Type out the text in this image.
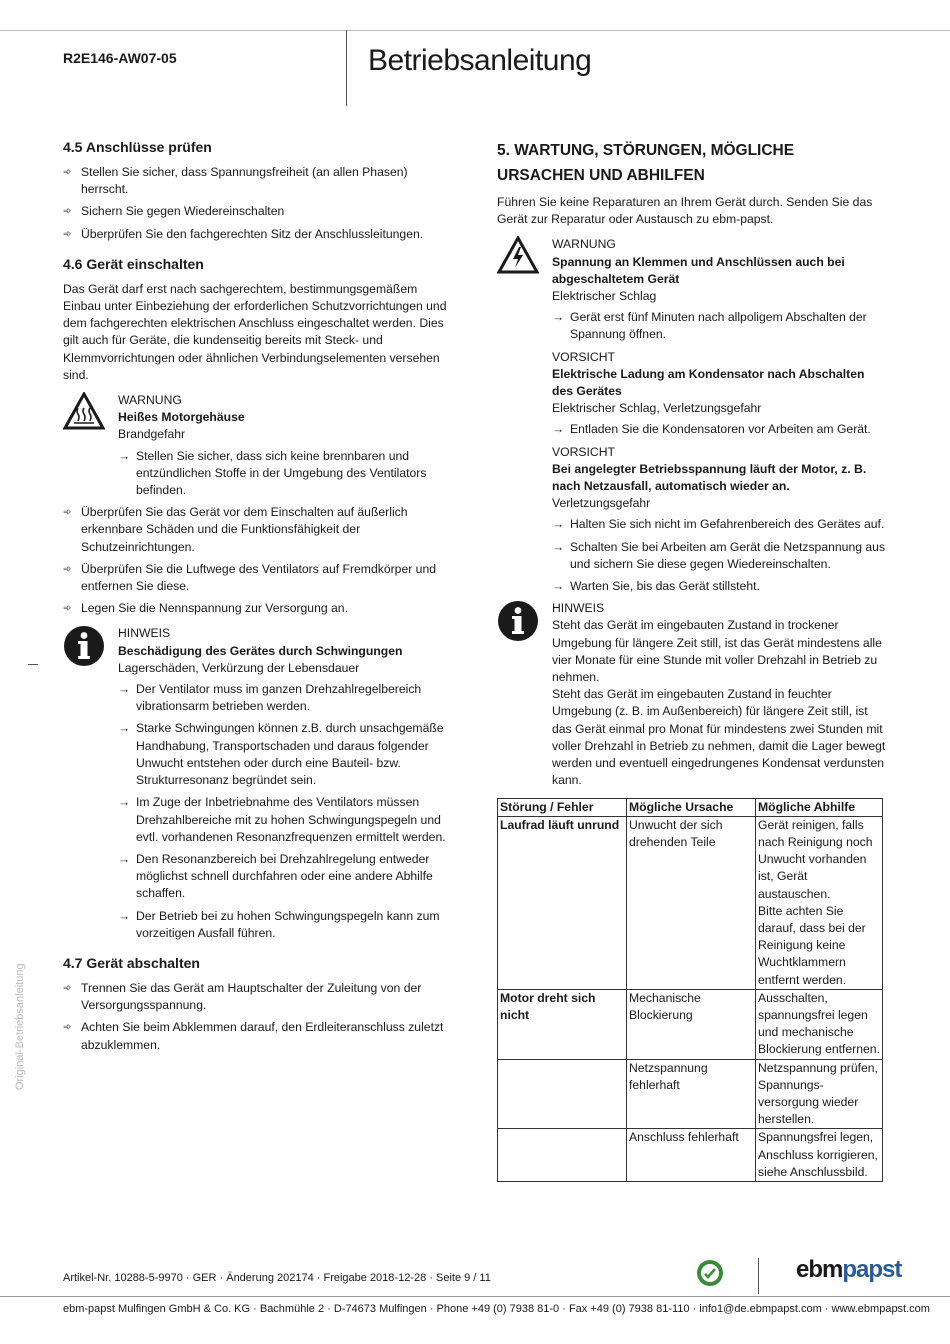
R2E146-AW07-05	Betriebsanleitung
4.5 Anschlüsse prüfen
➾ Stellen Sie sicher, dass Spannungsfreiheit (an allen Phasen) herrscht.
➾ Sichern Sie gegen Wiedereinschalten
➾ Überprüfen Sie den fachgerechten Sitz der Anschlussleitungen.
4.6 Gerät einschalten

Das Gerät darf erst nach sachgerechtem, bestimmungsgemäßem Einbau unter Einbeziehung der erforderlichen Schutzvorrichtungen und dem fachgerechten elektrischen Anschluss eingeschaltet werden. Dies gilt auch für Geräte, die kundenseitig bereits mit Steck- und Klemmvorrichtungen oder ähnlichen Verbindungselementen versehen sind.

WARNUNG
Heißes Motorgehäuse
Brandgefahr
→ Stellen Sie sicher, dass sich keine brennbaren und entzündlichen Stoffe in der Umgebung des Ventilators befinden.
➾ Überprüfen Sie das Gerät vor dem Einschalten auf äußerlich erkennbare Schäden und die Funktionsfähigkeit der Schutzeinrichtungen.
➾ Überprüfen Sie die Luftwege des Ventilators auf Fremdkörper und entfernen Sie diese.
➾ Legen Sie die Nennspannung zur Versorgung an.
HINWEIS
Beschädigung des Gerätes durch Schwingungen
Lagerschäden, Verkürzung der Lebensdauer
→ Der Ventilator muss im ganzen Drehzahlregelbereich vibrationsarm betrieben werden.
→ Starke Schwingungen können z.B. durch unsachgemäße Handhabung, Transportschaden und daraus folgender Unwucht entstehen oder durch eine Bauteil- bzw. Strukturresonanz begründet sein.
→ Im Zuge der Inbetriebnahme des Ventilators müssen Drehzahlbereiche mit zu hohen Schwingungspegeln und evtl. vorhandenen Resonanzfrequenzen ermittelt werden.
→ Den Resonanzbereich bei Drehzahlregelung entweder möglichst schnell durchfahren oder eine andere Abhilfe schaffen.
→ Der Betrieb bei zu hohen Schwingungspegeln kann zum vorzeitigen Ausfall führen.
4.7 Gerät abschalten
➾ Trennen Sie das Gerät am Hauptschalter der Zuleitung von der Versorgungsspannung.
➾ Achten Sie beim Abklemmen darauf, den Erdleiteranschluss zuletzt abzuklemmen.
5. WARTUNG, STÖRUNGEN, MÖGLICHE
URSACHEN UND ABHILFEN

Führen Sie keine Reparaturen an Ihrem Gerät durch. Senden Sie das Gerät zur Reparatur oder Austausch zu ebm-papst.

WARNUNG
Spannung an Klemmen und Anschlüssen auch bei abgeschaltetem Gerät
Elektrischer Schlag
→ Gerät erst fünf Minuten nach allpoligem Abschalten der Spannung öffnen.
VORSICHT
Elektrische Ladung am Kondensator nach Abschalten des Gerätes
Elektrischer Schlag, Verletzungsgefahr
→ Entladen Sie die Kondensatoren vor Arbeiten am Gerät.
VORSICHT
Bei angelegter Betriebsspannung läuft der Motor, z. B. nach Netzausfall, automatisch wieder an.
Verletzungsgefahr
→ Halten Sie sich nicht im Gefahrenbereich des Gerätes auf.
→ Schalten Sie bei Arbeiten am Gerät die Netzspannung aus und sichern Sie diese gegen Wiedereinschalten.
→ Warten Sie, bis das Gerät stillsteht.
HINWEIS
Steht das Gerät im eingebauten Zustand in trockener Umgebung für längere Zeit still, ist das Gerät mindestens alle vier Monate für eine Stunde mit voller Drehzahl in Betrieb zu nehmen.
Steht das Gerät im eingebauten Zustand in feuchter Umgebung (z. B. im Außenbereich) für längere Zeit still, ist das Gerät einmal pro Monat für mindestens zwei Stunden mit voller Drehzahl in Betrieb zu nehmen, damit die Lager bewegt werden und eventuell eingedrungenes Kondensat verdunsten kann.
Störung / Fehler	Mögliche Ursache	Mögliche Abhilfe
Laufrad läuft unrund	Unwucht der sich drehenden Teile	Gerät reinigen, falls nach Reinigung noch Unwucht vorhanden ist, Gerät austauschen.
Bitte achten Sie darauf, dass bei der Reinigung keine Wuchtklammern entfernt werden.

Motor dreht sich nicht	Mechanische Blockierung	Ausschalten, spannungsfrei legen und mechanische Blockierung entfernen.
	Netzspannung fehlerhaft	Netzspannung prüfen, Spannungs-versorgung wieder herstellen.
	Anschluss fehlerhaft	Spannungsfrei legen, Anschluss korrigieren, siehe Anschlussbild.
Original-Betriebsanleitung
Artikel-Nr. 10288-5-9970 · GER · Änderung 202174 · Freigabe 2018-12-28 · Seite 9 / 11	ebmpapst
ebm-papst Mulfingen GmbH & Co. KG · Bachmühle 2 · D-74673 Mulfingen · Phone +49 (0) 7938 81-0 · Fax +49 (0) 7938 81-110 · info1@de.ebmpapst.com · www.ebmpapst.com
